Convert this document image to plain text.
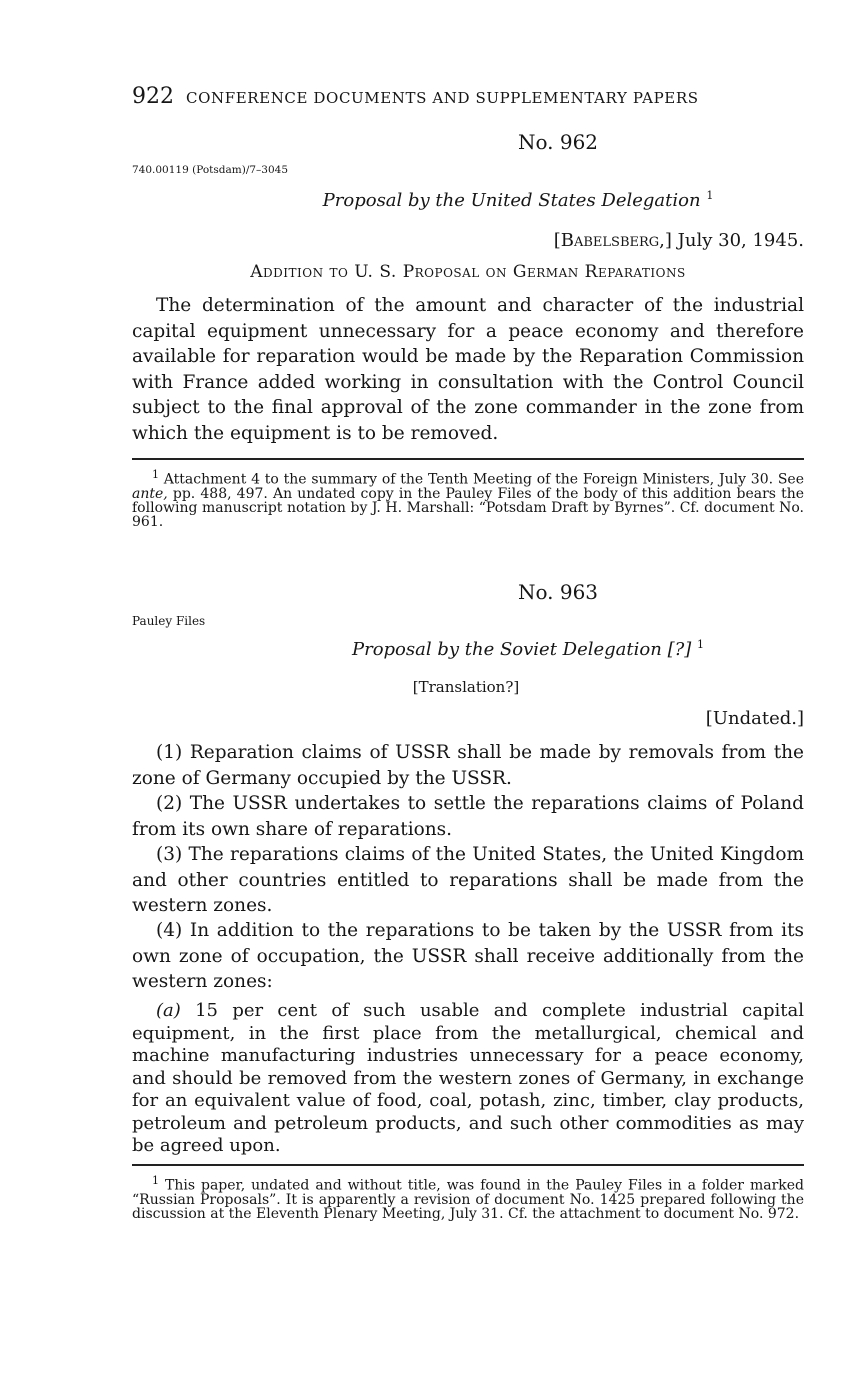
922 CONFERENCE DOCUMENTS AND SUPPLEMENTARY PAPERS
No. 962
740.00119 (Potsdam)/7–3045
Proposal by the United States Delegation $^1$
[Babelsberg,] July 30, 1945.
Addition to U. S. Proposal on German Reparations

The determination of the amount and character of the industrial capital equipment unnecessary for a peace economy and therefore available for reparation would be made by the Reparation Commission with France added working in consultation with the Control Council subject to the final approval of the zone commander in the zone from which the equipment is to be removed.

$^1$ Attachment 4 to the summary of the Tenth Meeting of the Foreign Ministers, July 30. See ante, pp. 488, 497. An undated copy in the Pauley Files of the body of this addition bears the following manuscript notation by J. H. Marshall: “Potsdam Draft by Byrnes”. Cf. document No. 961.

No. 963
Pauley Files
Proposal by the Soviet Delegation [?] $^1$
[Translation?]
[Undated.]

(1) Reparation claims of USSR shall be made by removals from the zone of Germany occupied by the USSR.

(2) The USSR undertakes to settle the reparations claims of Poland from its own share of reparations.

(3) The reparations claims of the United States, the United Kingdom and other countries entitled to reparations shall be made from the western zones.

(4) In addition to the reparations to be taken by the USSR from its own zone of occupation, the USSR shall receive additionally from the western zones:

(a) 15 per cent of such usable and complete industrial capital equipment, in the first place from the metallurgical, chemical and machine manufacturing industries unnecessary for a peace economy, and should be removed from the western zones of Germany, in exchange for an equivalent value of food, coal, potash, zinc, timber, clay products, petroleum and petroleum products, and such other commodities as may be agreed upon.

$^1$ This paper, undated and without title, was found in the Pauley Files in a folder marked “Russian Proposals”. It is apparently a revision of document No. 1425 prepared following the discussion at the Eleventh Plenary Meeting, July 31. Cf. the attachment to document No. 972.
